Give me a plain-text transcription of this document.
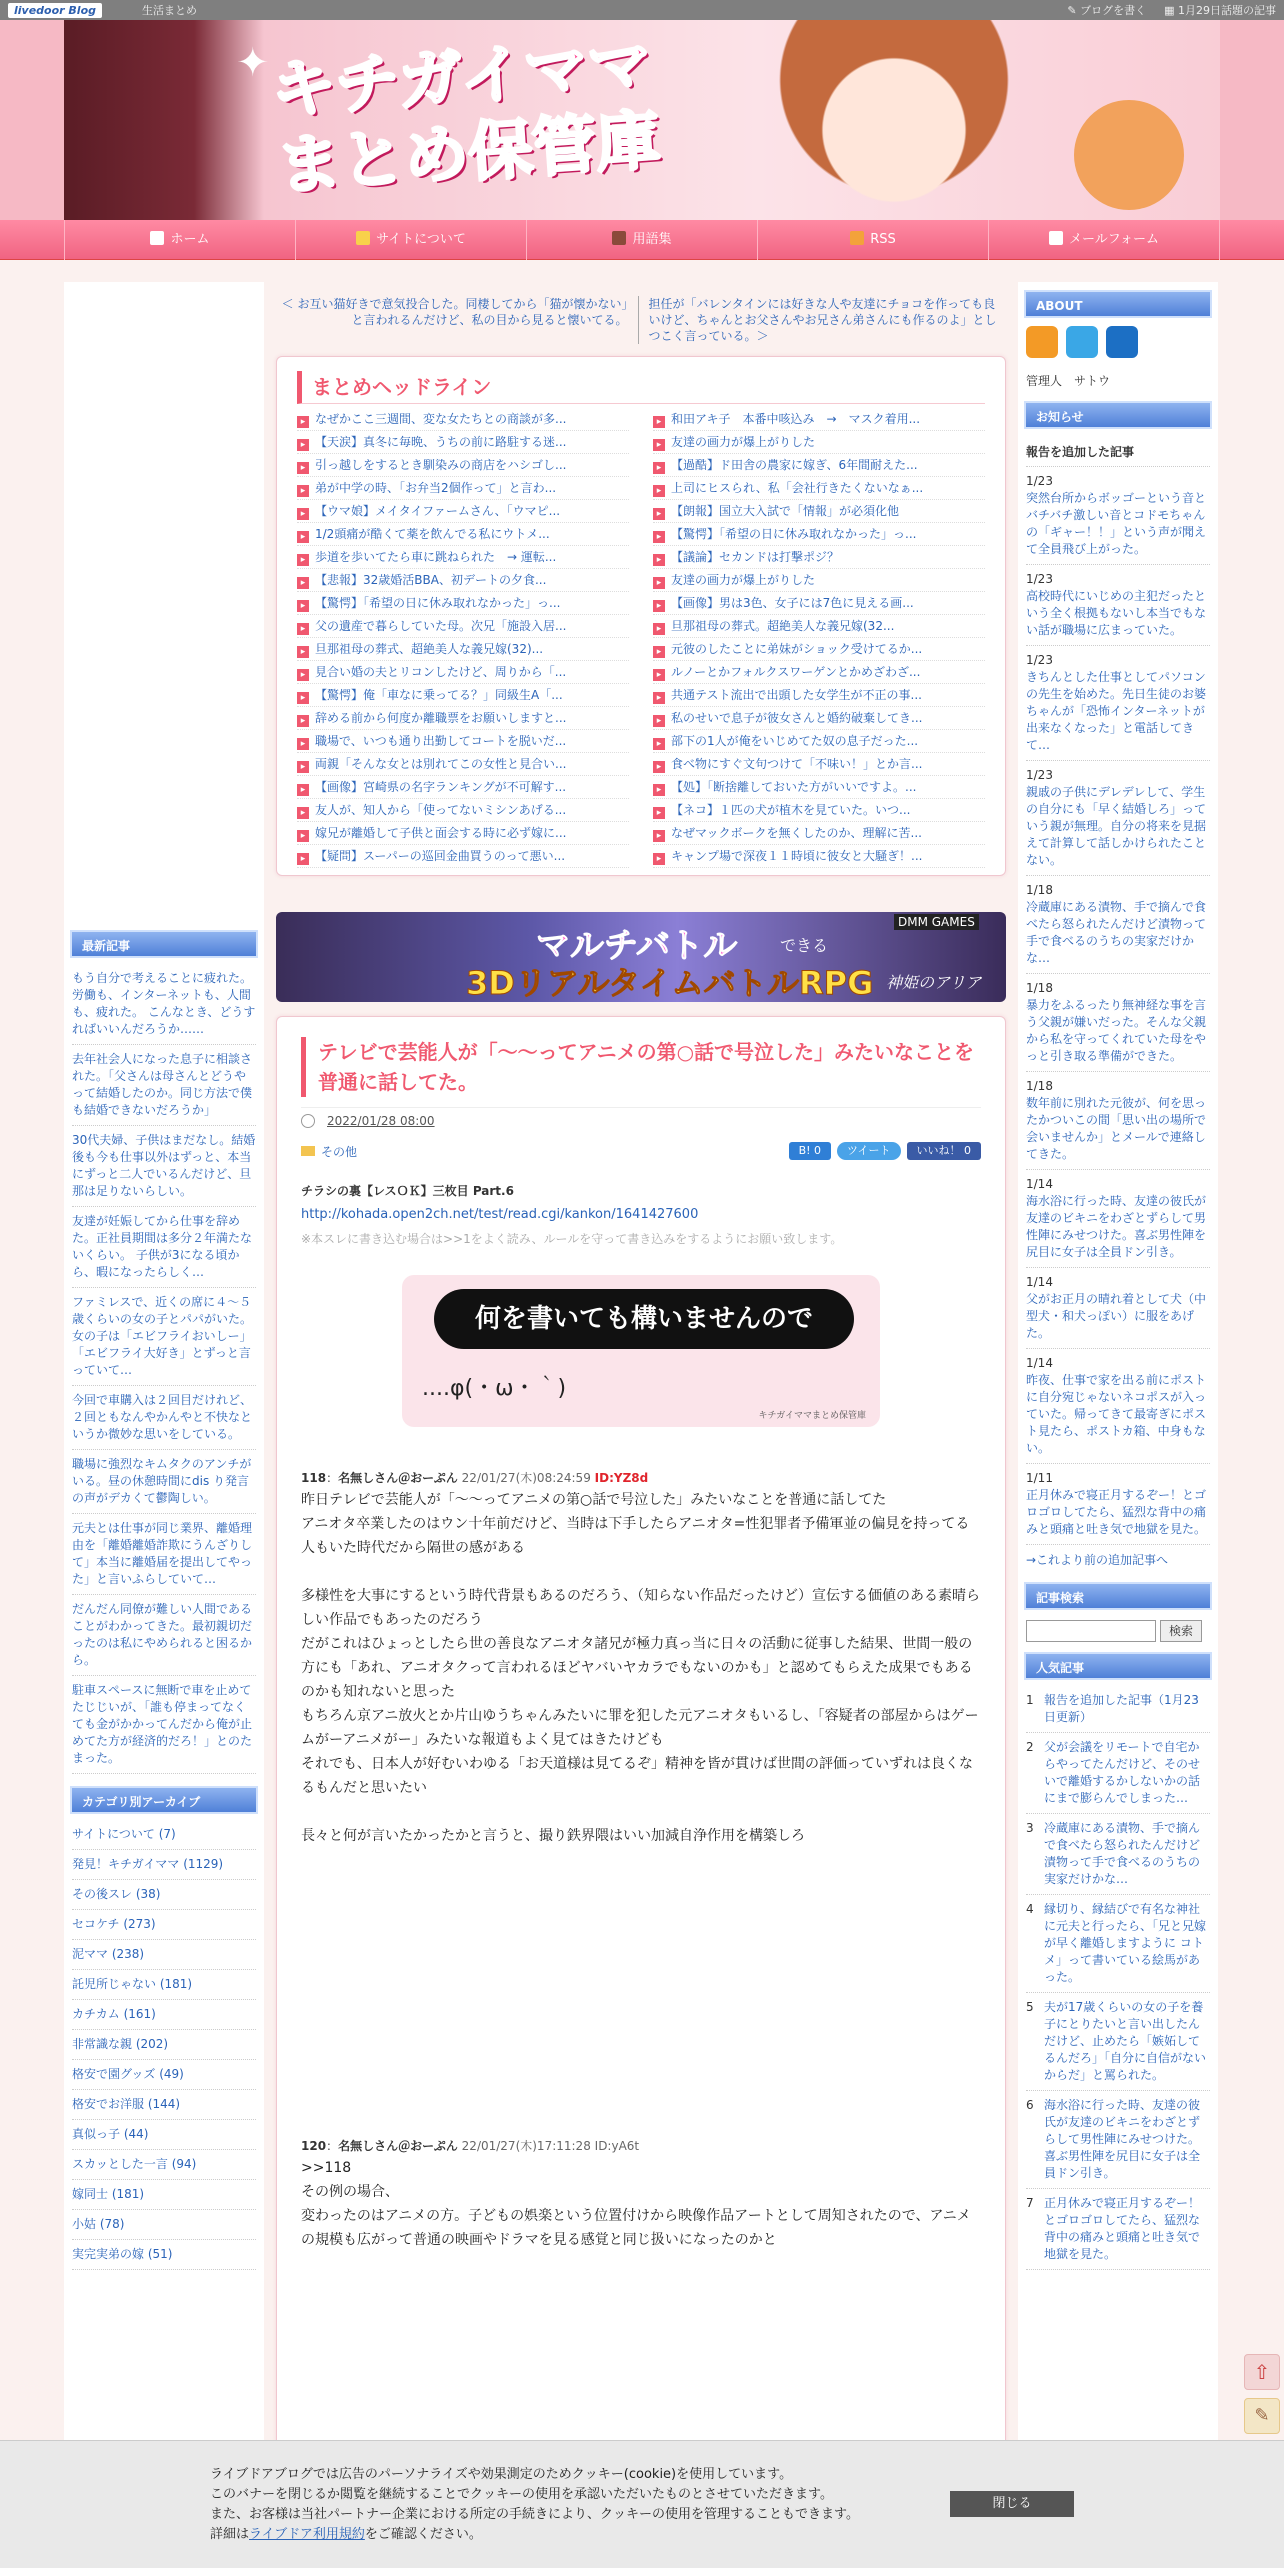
livedoor Blog	生活まとめ	✎ ブログを書く ▦ 1月29日話題の記事
✦ キチガイママ
まとめ保管庫
ホーム	サイトについて	用語集	RSS	メールフォーム
最新記事
もう自分で考えることに疲れた。労働も、インターネットも、人間も、疲れた。 こんなとき、どうすればいいんだろうか……
去年社会人になった息子に相談された。「父さんは母さんとどうやって結婚したのか。同じ方法で僕も結婚できないだろうか」
30代夫婦、子供はまだなし。結婚後も今も仕事以外はずっと、本当にずっと二人でいるんだけど、旦那は足りないらしい。
友達が妊娠してから仕事を辞めた。正社員期間は多分２年満たないくらい。 子供が3になる頃から、暇になったらしく…
ファミレスで、近くの席に４～５歳くらいの女の子とパパがいた。女の子は「エビフライおいしー」「エビフライ大好き」とずっと言っていて…
今回で車購入は２回目だけれど、２回ともなんやかんやと不快なというか微妙な思いをしている。
職場に強烈なキムタクのアンチがいる。昼の休憩時間にdis り発言の声がデカくて鬱陶しい。
元夫とは仕事が同じ業界、離婚理由を「離婚離婚詐欺にうんざりして」本当に離婚届を提出してやった」と言いふらしていて…
だんだん同僚が難しい人間であることがわかってきた。最初親切だったのは私にやめられると困るから。
駐車スペースに無断で車を止めてたじじいが、「誰も停まってなくても金がかかってんだから俺が止めてた方が経済的だろ！」とのたまった。
カテゴリ別アーカイブ
サイトについて (7)
発見！キチガイママ (1129)
その後スレ (38)
セコケチ (273)
泥ママ (238)
託児所じゃない (181)
カチカム (161)
非常識な親 (202)
格安で園グッズ (49)
格安でお洋服 (144)
真似っ子 (44)
スカッとした一言 (94)
嫁同士 (181)
小姑 (78)
実完実弟の嫁 (51)
＜ お互い猫好きで意気投合した。同棲してから「猫が懐かない」と言われるんだけど、私の目から見ると懐いてる。
担任が「バレンタインには好きな人や友達にチョコを作っても良いけど、ちゃんとお父さんやお兄さん弟さんにも作るのよ」としつこく言っている。＞
まとめヘッドライン
▸ なぜかここ三週間、変な女たちとの商談が多...	▸ 和田アキ子　本番中咳込み　→　マスク着用...
▸ 【天涙】真冬に毎晩、うちの前に路駐する迷...	▸ 友達の画力が爆上がりした
▸ 引っ越しをするとき馴染みの商店をハシゴし...	▸ 【過酷】ド田舎の農家に嫁ぎ、6年間耐えた...
▸ 弟が中学の時、「お弁当2個作って」と言わ...	▸ 上司にヒスられ、私「会社行きたくないなぁ...
▸ 【ウマ娘】メイタイファームさん、「ウマピ...	▸ 【朗報】国立大入試で「情報」が必須化他
▸ 1/2頭痛が酷くて薬を飲んでる私にウトメ...	▸ 【驚愕】「希望の日に休み取れなかった」っ...
▸ 歩道を歩いてたら車に跳ねられた　→ 運転...	▸ 【議論】セカンドは打撃ポジ？
▸ 【悲報】32歳婚活BBA、初デートの夕食...	▸ 友達の画力が爆上がりした
▸ 【驚愕】「希望の日に休み取れなかった」っ...	▸ 【画像】男は3色、女子には7色に見える画...
▸ 父の遺産で暮らしていた母。次兄「施設入居...	▸ 旦那祖母の葬式。超絶美人な義兄嫁(32...
▸ 旦那祖母の葬式、超絶美人な義兄嫁(32)...	▸ 元彼のしたことに弟妹がショック受けてるか...
▸ 見合い婚の夫とリコンしたけど、周りから「...	▸ ルノーとかフォルクスワーゲンとかめざわざ...
▸ 【驚愕】俺「車なに乗ってる？」同級生A「...	▸ 共通テスト流出で出頭した女学生が不正の事...
▸ 辞める前から何度か離職票をお願いしますと...	▸ 私のせいで息子が彼女さんと婚約破棄してき...
▸ 職場で、いつも通り出勤してコートを脱いだ...	▸ 部下の1人が俺をいじめてた奴の息子だった...
▸ 両親「そんな女とは別れてこの女性と見合い...	▸ 食べ物にすぐ文句つけて「不味い！」とか言...
▸ 【画像】宮崎県の名字ランキングが不可解す...	▸ 【処】「断捨離しておいた方がいいですよ。...
▸ 友人が、知人から「使ってないミシンあげる...	▸ 【ネコ】１匹の犬が植木を見ていた。いつ...
▸ 嫁兄が離婚して子供と面会する時に必ず嫁に...	▸ なぜマックボークを無くしたのか、理解に苦...
▸ 【疑問】スーパーの巡回金曲買うのって悪い...	▸ キャンプ場で深夜１１時頃に彼女と大騒ぎ！...
マルチバトル
DMM GAMES
できる
3DリアルタイムバトルRPG 神姫のアリア
テレビで芸能人が「～～ってアニメの第○話で号泣した」みたいなことを普通に話してた。
2022/01/28 08:00
その他	B! 0	ツイート	いいね！ 0
チラシの裏【レスＯＫ】三枚目 Part.6
http://kohada.open2ch.net/test/read.cgi/kankon/1641427600
※本スレに書き込む場合は>>1をよく読み、ルールを守って書き込みをするようにお願い致します。
何を書いても構いませんので
....φ(・ω・｀)
キチガイママまとめ保管庫
118：名無しさん＠おーぷん 22/01/27(木)08:24:59 ID:YZ8d
昨日テレビで芸能人が「～～ってアニメの第○話で号泣した」みたいなことを普通に話してた
アニオタ卒業したのはウン十年前だけど、当時は下手したらアニオタ=性犯罪者予備軍並の偏見を持ってる人もいた時代だから隔世の感がある
多様性を大事にするという時代背景もあるのだろう、（知らない作品だったけど）宣伝する価値のある素晴らしい作品でもあったのだろう
だがこれはひょっとしたら世の善良なアニオタ諸兄が極力真っ当に日々の活動に従事した結果、世間一般の方にも「あれ、アニオタクって言われるほどヤバいヤカラでもないのかも」と認めてもらえた成果でもあるのかも知れないと思った
もちろん京アニ放火とか片山ゆうちゃんみたいに罪を犯した元アニオタもいるし、「容疑者の部屋からはゲームがーアニメがー」みたいな報道もよく見てはきたけども
それでも、日本人が好むいわゆる「お天道様は見てるぞ」精神を皆が貫けば世間の評価っていずれは良くなるもんだと思いたい
長々と何が言いたかったかと言うと、撮り鉄界隈はいい加減自浄作用を構築しろ
120：名無しさん＠おーぷん 22/01/27(木)17:11:28 ID:yA6t
>>118
その例の場合、
変わったのはアニメの方。子どもの娯楽という位置付けから映像作品アートとして周知されたので、アニメの規模も広がって普通の映画やドラマを見る感覚と同じ扱いになったのかと
ABOUT
管理人　サトウ
お知らせ
報告を追加した記事
1/23
突然台所からボッゴーという音とバチバチ激しい音とコドモちゃんの「ギャー！！」という声が聞えて全員飛び上がった。
1/23
高校時代にいじめの主犯だったという全く根拠もないし本当でもない話が職場に広まっていた。
1/23
きちんとした仕事としてパソコンの先生を始めた。先日生徒のお婆ちゃんが「恐怖インターネットが出来なくなった」と電話してきて…
1/23
親戚の子供にデレデレして、学生の自分にも「早く結婚しろ」っていう親が無理。自分の将来を見据えて計算して話しかけられたことない。
1/18
冷蔵庫にある漬物、手で摘んで食べたら怒られたんだけど漬物って手で食べるのうちの実家だけかな…
1/18
暴力をふるったり無神経な事を言う父親が嫌いだった。そんな父親から私を守ってくれていた母をやっと引き取る準備ができた。
1/18
数年前に別れた元彼が、何を思ったかついこの間「思い出の場所で会いませんか」とメールで連絡してきた。
1/14
海水浴に行った時、友達の彼氏が友達のビキニをわざとずらして男性陣にみせつけた。喜ぶ男性陣を尻目に女子は全員ドン引き。
1/14
父がお正月の晴れ着として犬（中型犬・和犬っぽい）に服をあげた。
1/14
昨夜、仕事で家を出る前にポストに自分宛じゃないネコポスが入っていた。帰ってきて最寄ぎにポスト見たら、ポストカ箱、中身もない。
1/11
正月休みで寝正月するぞー！とゴロゴロしてたら、猛烈な背中の痛みと頭痛と吐き気で地獄を見た。
→これより前の追加記事へ
記事検索
検索
人気記事
1 報告を追加した記事（1月23日更新）
2 父が会議をリモートで自宅からやってたんだけど、そのせいで離婚するかしないかの話にまで膨らんでしまった…
3 冷蔵庫にある漬物、手で摘んで食べたら怒られたんだけど漬物って手で食べるのうちの実家だけかな…
4 縁切り、縁結びで有名な神社に元夫と行ったら、「兄と兄嫁が早く離婚しますように コトメ」って書いている絵馬があった。
5 夫が17歳くらいの女の子を養子にとりたいと言い出したんだけど、止めたら「嫉妬してるんだろ」「自分に自信がないからだ」と罵られた。
6 海水浴に行った時、友達の彼氏が友達のビキニをわざとずらして男性陣にみせつけた。喜ぶ男性陣を尻目に女子は全員ドン引き。
7 正月休みで寝正月するぞー！とゴロゴロしてたら、猛烈な背中の痛みと頭痛と吐き気で地獄を見た。
⇧
✎
ライブドアブログでは広告のパーソナライズや効果測定のためクッキー(cookie)を使用しています。
このバナーを閉じるか閲覧を継続することでクッキーの使用を承認いただいたものとさせていただきます。
また、お客様は当社パートナー企業における所定の手続きにより、クッキーの使用を管理することもできます。
詳細はライブドア利用規約をご確認ください。
閉じる
